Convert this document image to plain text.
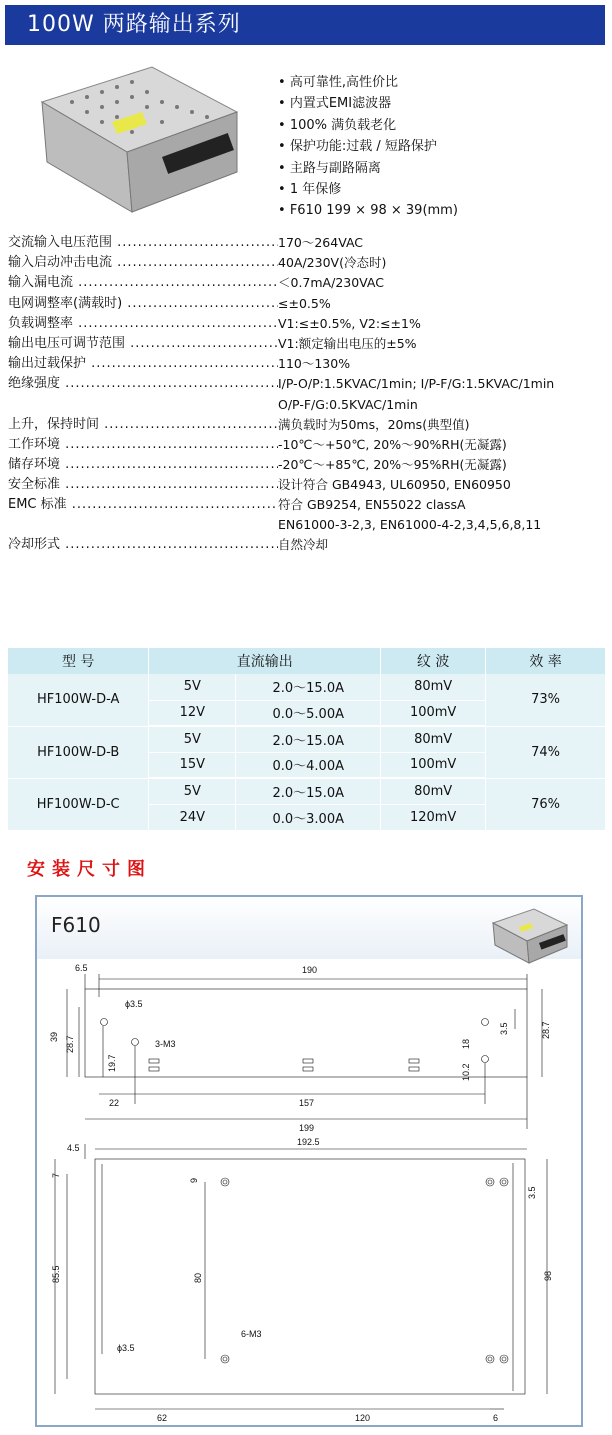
100W 两路输出系列
• 高可靠性,高性价比
• 内置式EMI滤波器
• 100% 满负载老化
• 保护功能:过载 / 短路保护
• 主路与副路隔离
• 1 年保修
• F610 199 × 98 × 39(mm)
交流输入电压范围 .....	170～264VAC
输入启动冲击电流 .....	40A/230V(冷态时)
输入漏电流 .....	＜0.7mA/230VAC
电网调整率(满载时) .....	≤±0.5%
负载调整率 .....	V1:≤±0.5%, V2:≤±1%
输出电压可调节范围 .....	V1:额定输出电压的±5%
输出过载保护 .....	110～130%
绝缘强度 .....	I/P-O/P:1.5KVAC/1min; I/P-F/G:1.5KVAC/1min
O/P-F/G:0.5KVAC/1min
上升，保持时间 .....	满负载时为50ms，20ms(典型值)
工作环境 .....	-10℃～+50℃, 20%～90%RH(无凝露)
储存环境 .....	-20℃～+85℃, 20%～95%RH(无凝露)
安全标准 .....	设计符合 GB4943, UL60950, EN60950
EMC 标准 .....	符合 GB9254, EN55022 classA
EN61000-3-2,3, EN61000-4-2,3,4,5,6,8,11
冷却形式 .....	自然冷却
型 号	直流输出		纹 波	效 率
HF100W-D-A	5V	2.0～15.0A	80mV	73%
	12V	0.0～5.00A	100mV	
HF100W-D-B	5V	2.0～15.0A	80mV	74%
	15V	0.0～4.00A	100mV	
HF100W-D-C	5V	2.0～15.0A	80mV	76%
	24V	0.0～3.00A	120mV	
安装尺寸图
F610
6.5	190
ϕ3.5
3-M3
39 28.7
19.7
18
10.2
3.5	28.7
22	157
199
4.5
192.5
7
9
85.5	80	98
3.5
ϕ3.5
6-M3
62	120	6
